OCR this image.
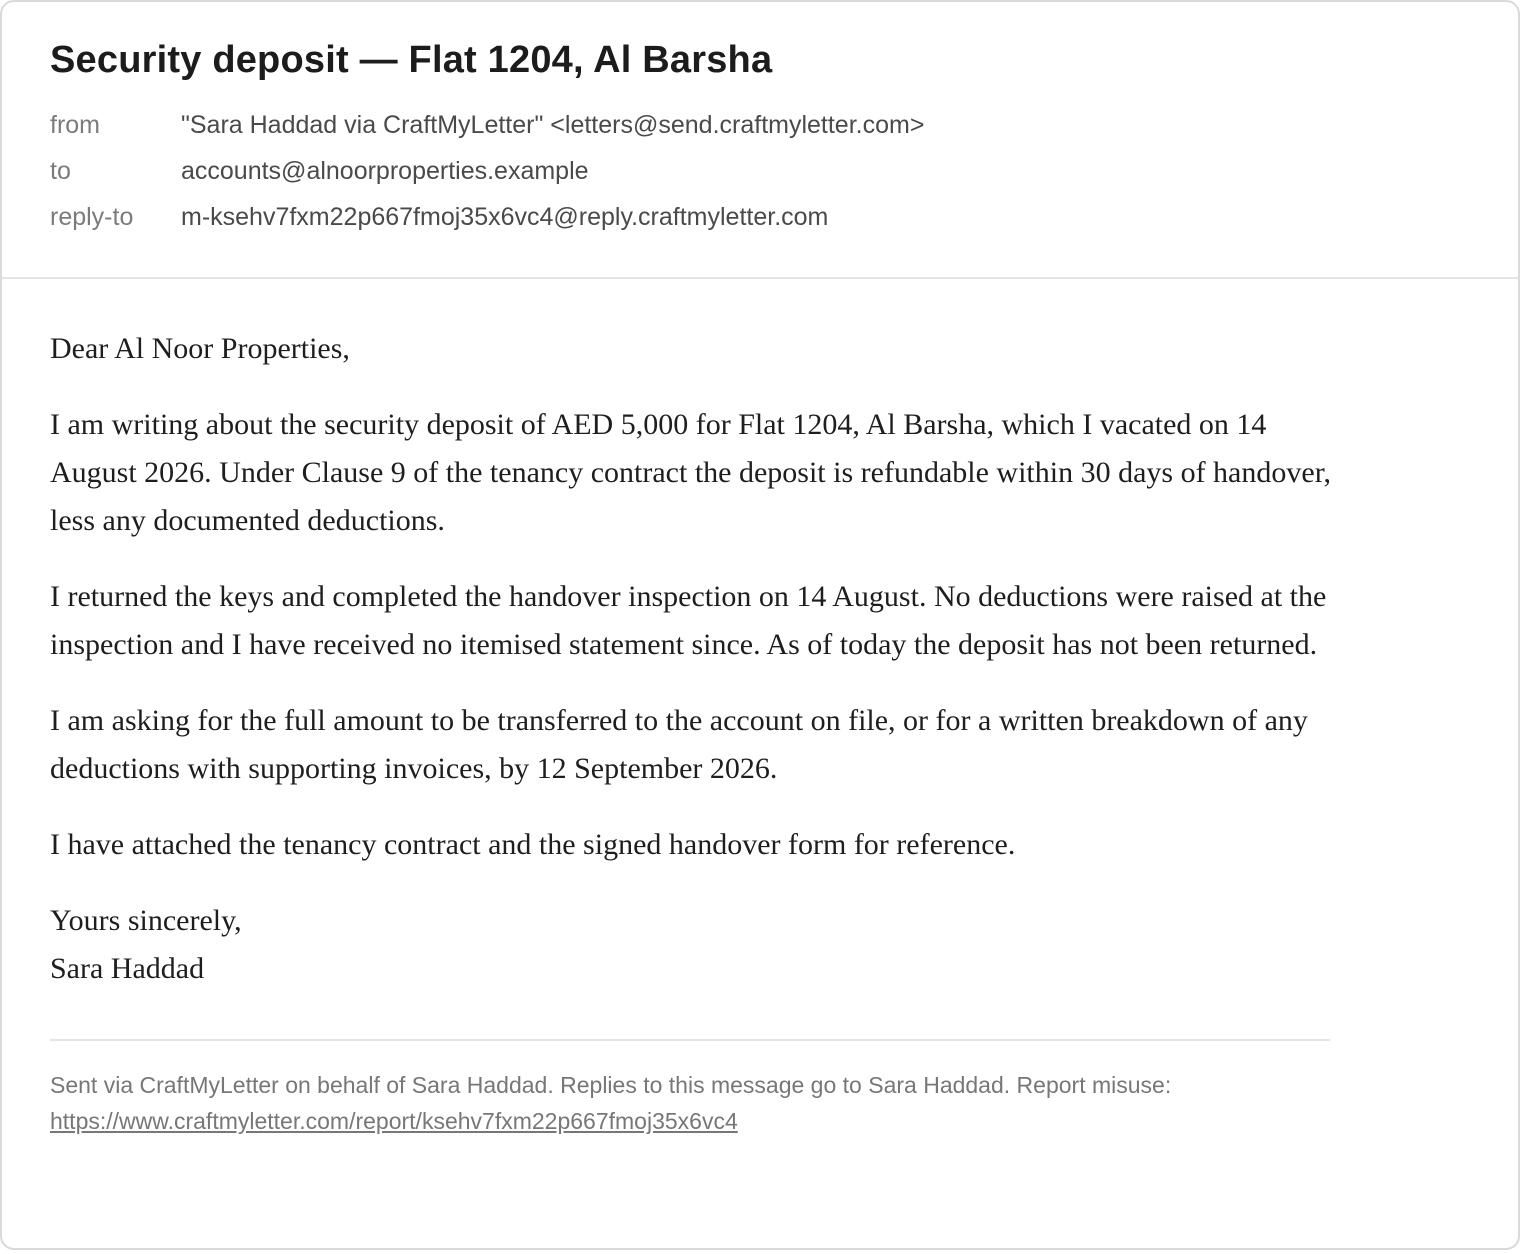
Security deposit — Flat 1204, Al Barsha
from	"Sara Haddad via CraftMyLetter" <letters@send.craftmyletter.com>
to	accounts@alnoorproperties.example
reply-to	m-ksehv7fxm22p667fmoj35x6vc4@reply.craftmyletter.com

Dear Al Noor Properties,

I am writing about the security deposit of AED 5,000 for Flat 1204, Al Barsha, which I vacated on 14 August 2026. Under Clause 9 of the tenancy contract the deposit is refundable within 30 days of handover, less any documented deductions.

I returned the keys and completed the handover inspection on 14 August. No deductions were raised at the inspection and I have received no itemised statement since. As of today the deposit has not been returned.

I am asking for the full amount to be transferred to the account on file, or for a written breakdown of any deductions with supporting invoices, by 12 September 2026.

I have attached the tenancy contract and the signed handover form for reference.

Yours sincerely,
Sara Haddad
Sent via CraftMyLetter on behalf of Sara Haddad. Replies to this message go to Sara Haddad. Report misuse:
https://www.craftmyletter.com/report/ksehv7fxm22p667fmoj35x6vc4
